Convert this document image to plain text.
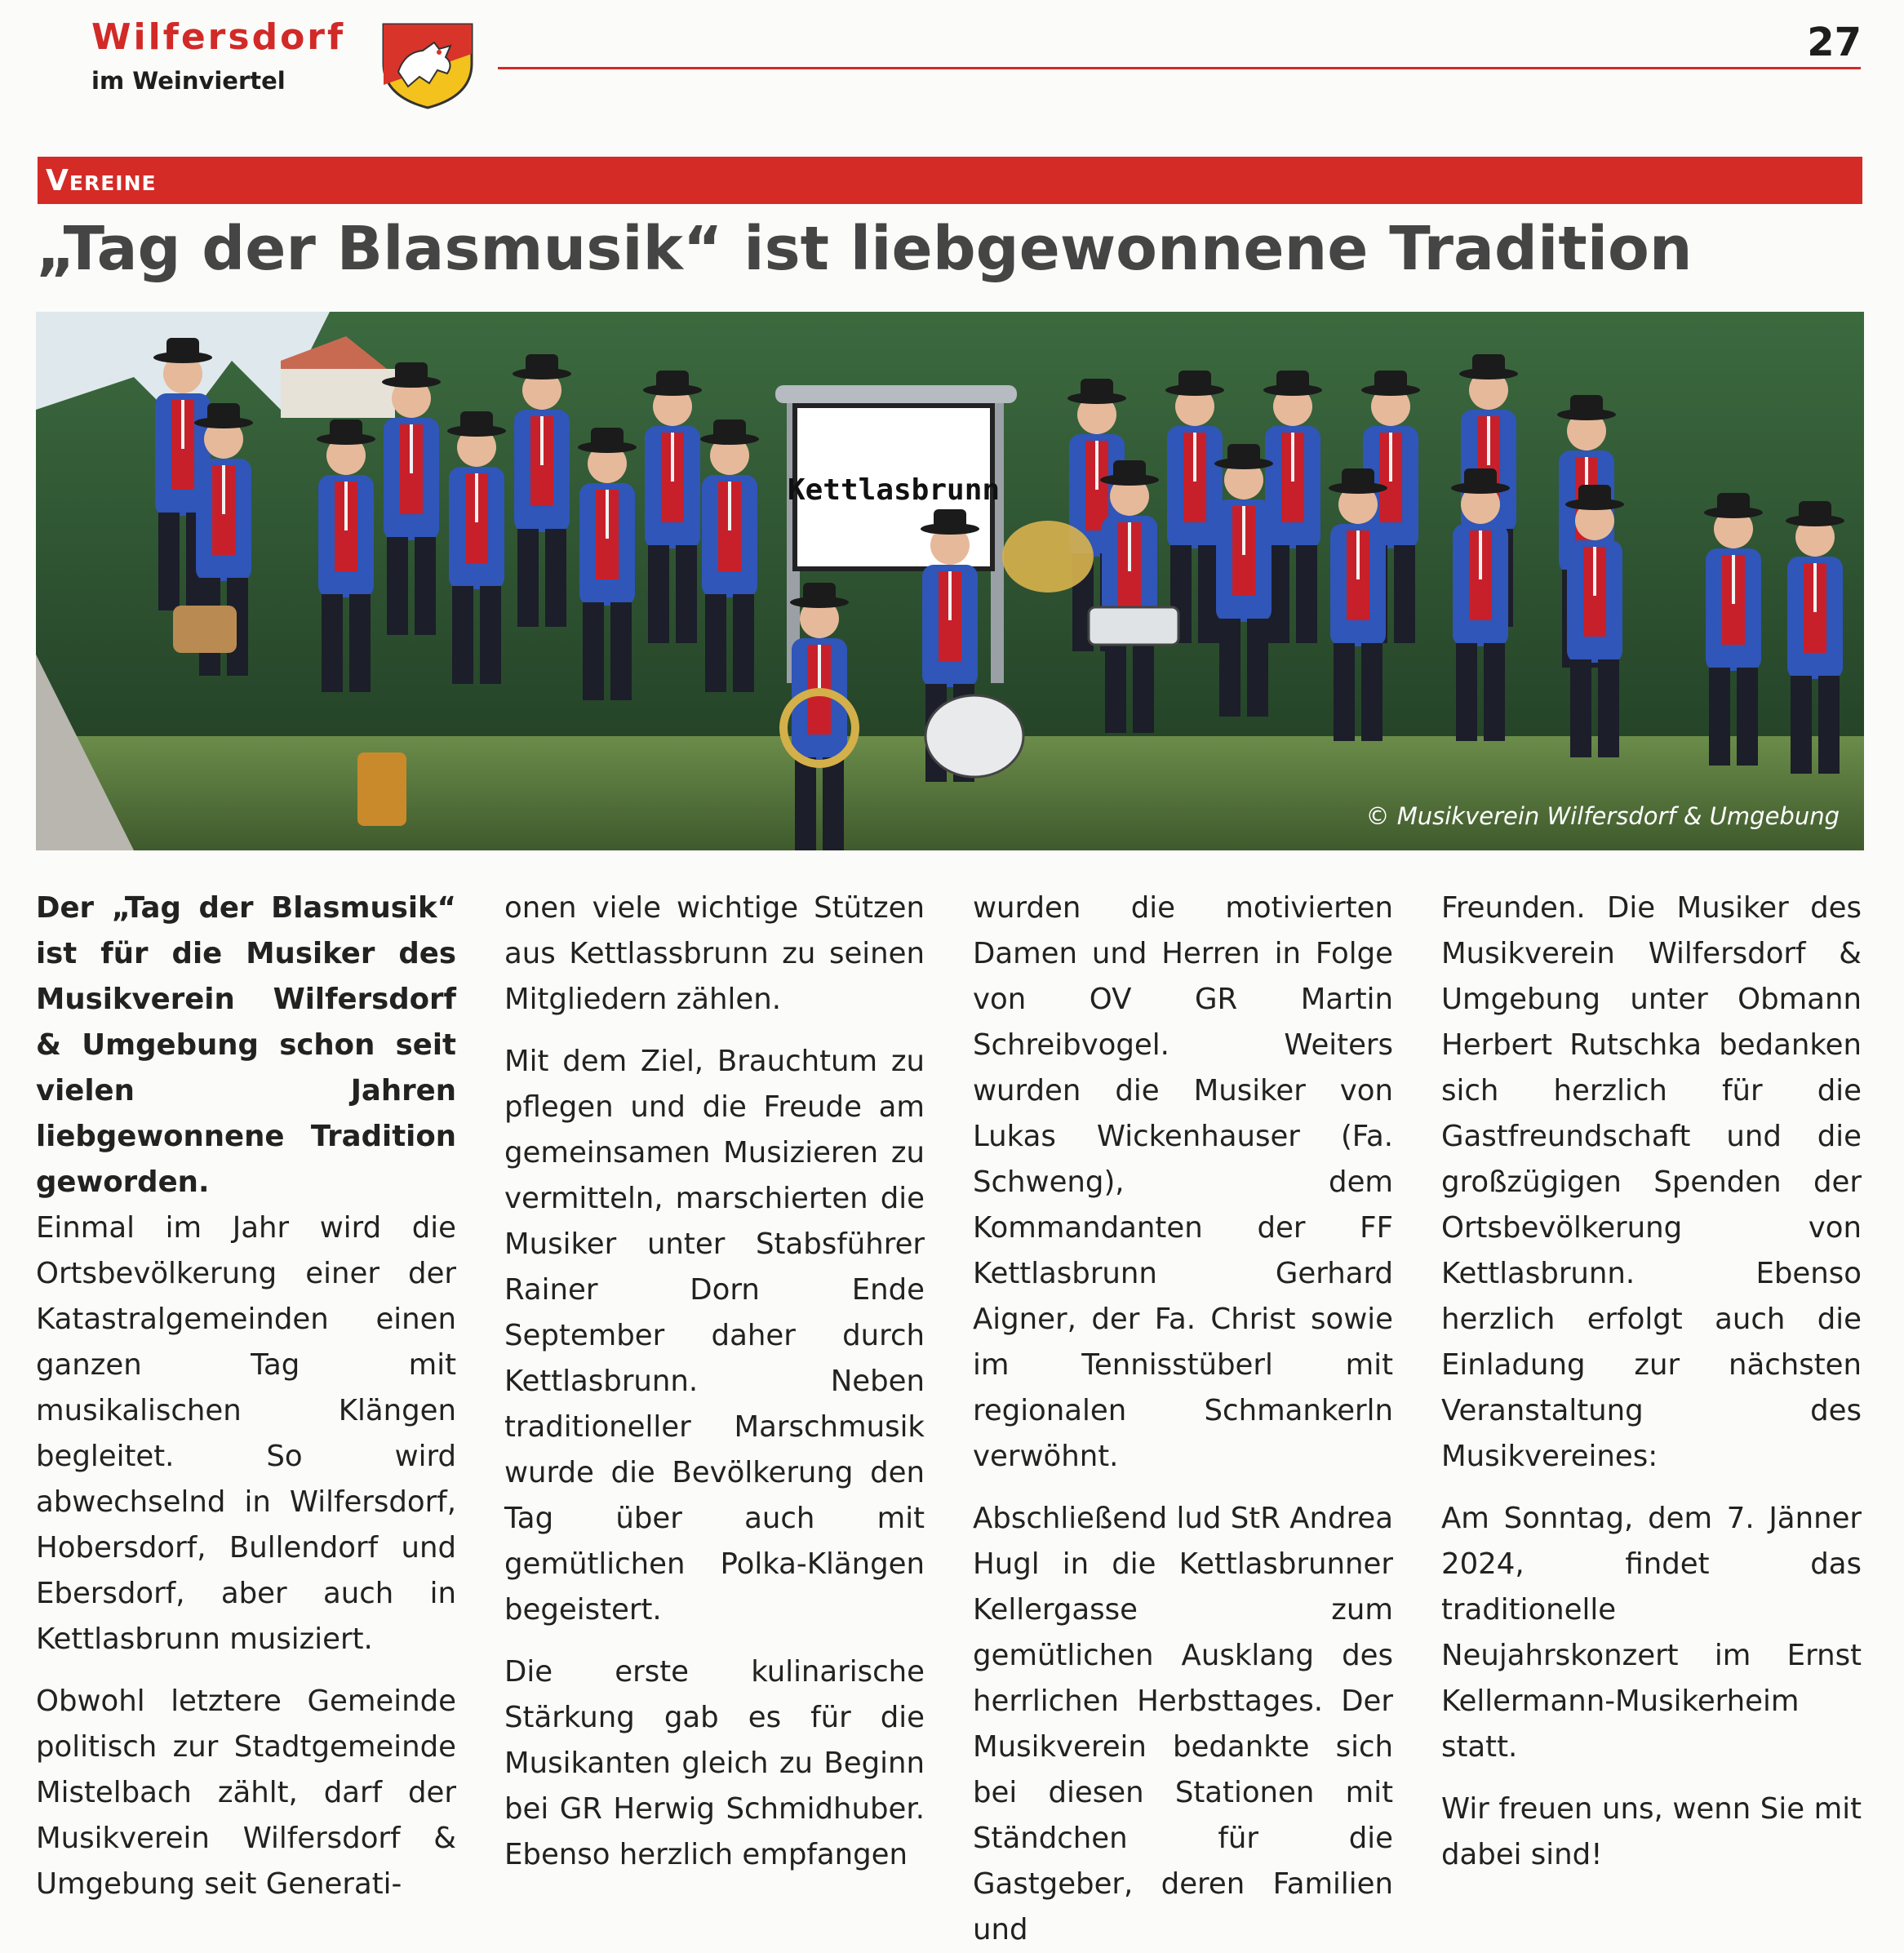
Wilfersdorf
im Weinviertel
27
Vereine
„Tag der Blasmusik“ ist liebgewonnene Tradition
Kettlasbrunn
© Musikverein Wilfersdorf & Umgebung

Der „Tag der Blasmusik“ ist für die Musiker des Musikverein Wilfersdorf & Umgebung schon seit vielen Jahren liebgewonnene Tradition geworden.

Einmal im Jahr wird die Ortsbevölkerung einer der Katastralgemeinden einen ganzen Tag mit musikalischen Klängen begleitet. So wird abwechselnd in Wilfersdorf, Hobersdorf, Bullendorf und Ebersdorf, aber auch in Kettlasbrunn musiziert.

Obwohl letztere Gemeinde politisch zur Stadtgemeinde Mistelbach zählt, darf der Musikverein Wilfersdorf & Umgebung seit Generati-

onen viele wichtige Stützen aus Kettlassbrunn zu seinen Mitgliedern zählen.

Mit dem Ziel, Brauchtum zu pflegen und die Freude am gemeinsamen Musizieren zu vermitteln, marschierten die Musiker unter Stabsführer Rainer Dorn Ende September daher durch Kettlasbrunn. Neben traditioneller Marschmusik wurde die Bevölkerung den Tag über auch mit gemütlichen Polka-Klängen begeistert.

Die erste kulinarische Stärkung gab es für die Musikanten gleich zu Beginn bei GR Herwig Schmidhuber. Ebenso herzlich empfangen

wurden die motivierten Damen und Herren in Folge von OV GR Martin Schreibvogel. Weiters wurden die Musiker von Lukas Wickenhauser (Fa. Schweng), dem Kommandanten der FF Kettlasbrunn Gerhard Aigner, der Fa. Christ sowie im Tennisstüberl mit regionalen Schmankerln verwöhnt.

Abschließend lud StR Andrea Hugl in die Kettlasbrunner Kellergasse zum gemütlichen Ausklang des herrlichen Herbsttages. Der Musikverein bedankte sich bei diesen Stationen mit Ständchen für die Gastgeber, deren Familien und

Freunden. Die Musiker des Musikverein Wilfersdorf & Umgebung unter Obmann Herbert Rutschka bedanken sich herzlich für die Gastfreundschaft und die großzügigen Spenden der Ortsbevölkerung von Kettlasbrunn. Ebenso herzlich erfolgt auch die Einladung zur nächsten Veranstaltung des Musikvereines:

Am Sonntag, dem 7. Jänner 2024, findet das traditionelle Neujahrskonzert im Ernst Kellermann-Musikerheim statt.

Wir freuen uns, wenn Sie mit dabei sind!
